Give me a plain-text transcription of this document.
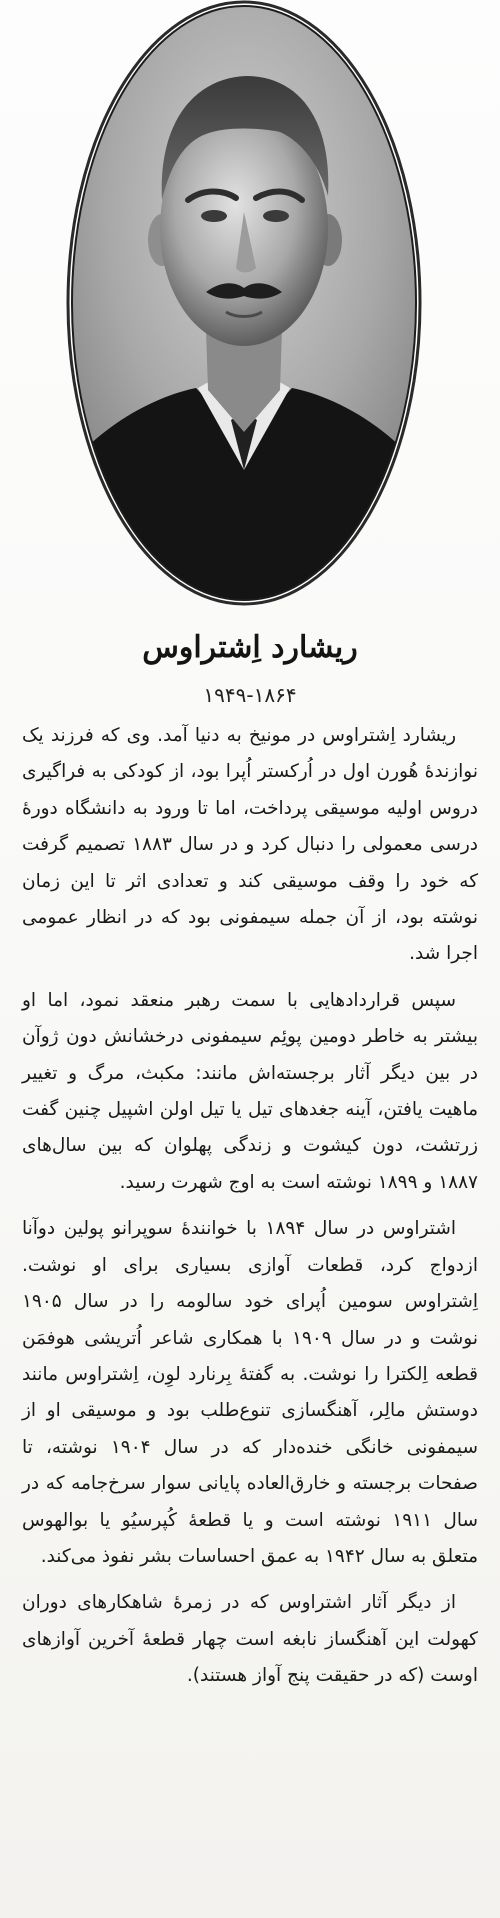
ریشارد اِشتراوس
۱۹۴۹-۱۸۶۴

ریشارد اِشتراوس در مونیخ به دنیا آمد. وی که فرزند یک نوازندهٔ هُورن اول در اُرکستر اُپرا بود، از کودکی به فراگیری دروس اولیه موسیقی پرداخت، اما تا ورود به دانشگاه دورهٔ درسی معمولی را دنبال کرد و در سال ۱۸۸۳ تصمیم گرفت که خود را وقف موسیقی کند و تعدادی اثر تا این زمان نوشته بود، از آن جمله سیمفونی بود که در انظار عمومی اجرا شد.

سپس قراردادهایی با سمت رهبر منعقد نمود، اما او بیشتر به خاطر دومین پوئِم سیمفونی درخشانش دون ژوآن در بین دیگر آثار برجسته‌اش مانند: مکبث، مرگ و تغییر ماهیت یافتن، آینه جغدهای تیل یا تیل اولن اشپیل چنین گفت زرتشت، دون کیشوت و زندگی پهلوان که بین سال‌های ۱۸۸۷ و ۱۸۹۹ نوشته است به اوج شهرت رسید.

اشتراوس در سال ۱۸۹۴ با خوانندهٔ سوپرانو پولین دوآنا ازدواج کرد، قطعات آوازی بسیاری برای او نوشت. اِشتراوس سومین اُپرای خود سالومه را در سال ۱۹۰۵ نوشت و در سال ۱۹۰۹ با همکاری شاعر اُتریشی هوفمَن قطعه اِلکترا را نوشت. به گفتهٔ بِرنارد لوِن، اِشتراوس مانند دوستش مالِر، آهنگسازی تنوع‌طلب بود و موسیقی او از سیمفونی خانگی خنده‌دار که در سال ۱۹۰۴ نوشته، تا صفحات برجسته و خارق‌العاده پایانی سوار سرخ‌جامه که در سال ۱۹۱۱ نوشته است و یا قطعهٔ کُپرسیُو یا بوالهوس متعلق به سال ۱۹۴۲ به عمق احساسات بشر نفوذ می‌کند.

از دیگر آثار اشتراوس که در زمرهٔ شاهکارهای دوران کهولت این آهنگساز نابغه است چهار قطعهٔ آخرین آوازهای اوست (که در حقیقت پنج آواز هستند).
